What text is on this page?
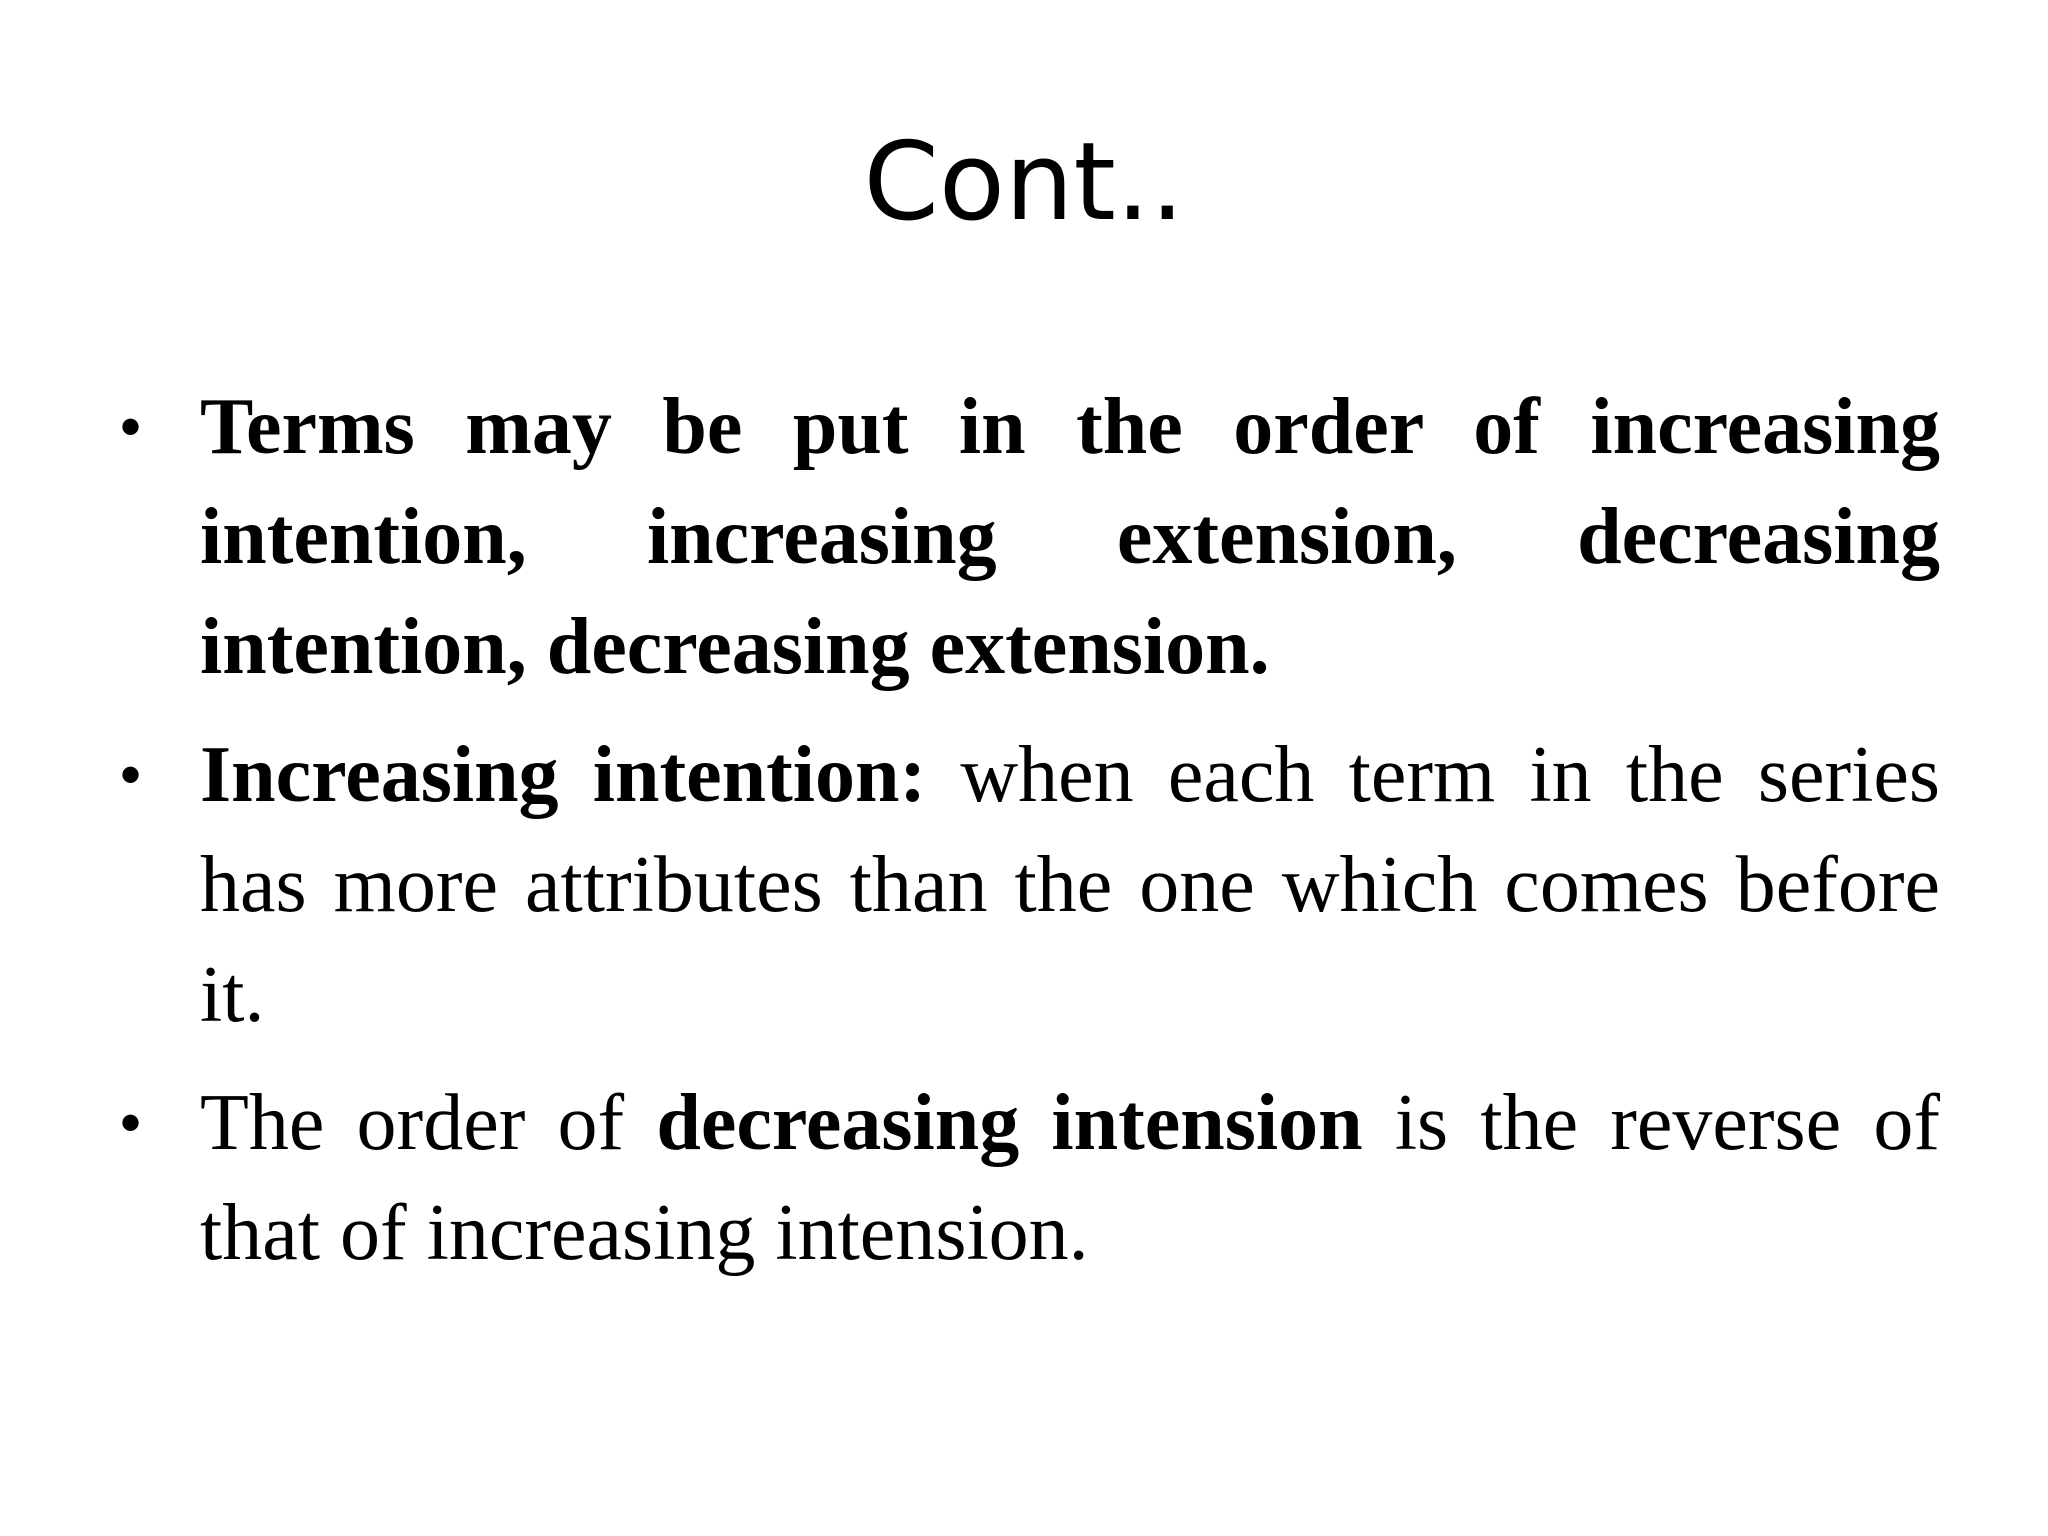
Cont..
• Terms may be put in the order of increasing intention, increasing extension, decreasing intention, decreasing extension.
• Increasing intention: when each term in the series has more attributes than the one which comes before it.
• The order of decreasing intension is the reverse of that of increasing intension.
